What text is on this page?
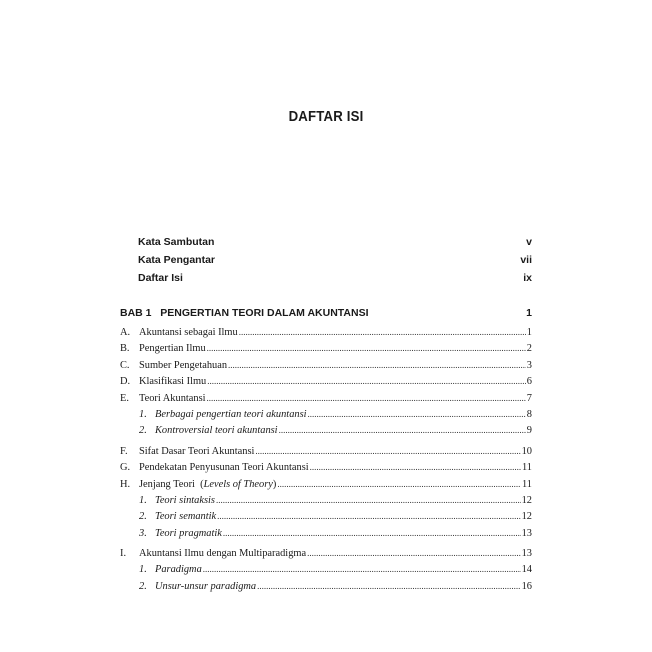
DAFTAR ISI
Kata Sambutan	v
Kata Pengantar	vii
Daftar Isi	ix
BAB 1   PENGERTIAN TEORI DALAM AKUNTANSI	1
A. Akuntansi sebagai Ilmu .....	1
B. Pengertian Ilmu .....	2
C. Sumber Pengetahuan .....	3
D. Klasifikasi Ilmu .....	6
E. Teori Akuntansi .....	7
1. Berbagai pengertian teori akuntansi .....	8
2. Kontroversial teori akuntansi .....	9
F.	Sifat Dasar Teori Akuntansi .....	10
G. Pendekatan Penyusunan Teori Akuntansi .....	11
H. Jenjang Teori  (Levels of Theory) .....	11
1. Teori sintaksis .....	12
2. Teori semantik .....	12
3. Teori pragmatik .....	13
I.	Akuntansi Ilmu dengan Multiparadigma .....	13
1. Paradigma .....	14
2. Unsur-unsur paradigma .....	16
